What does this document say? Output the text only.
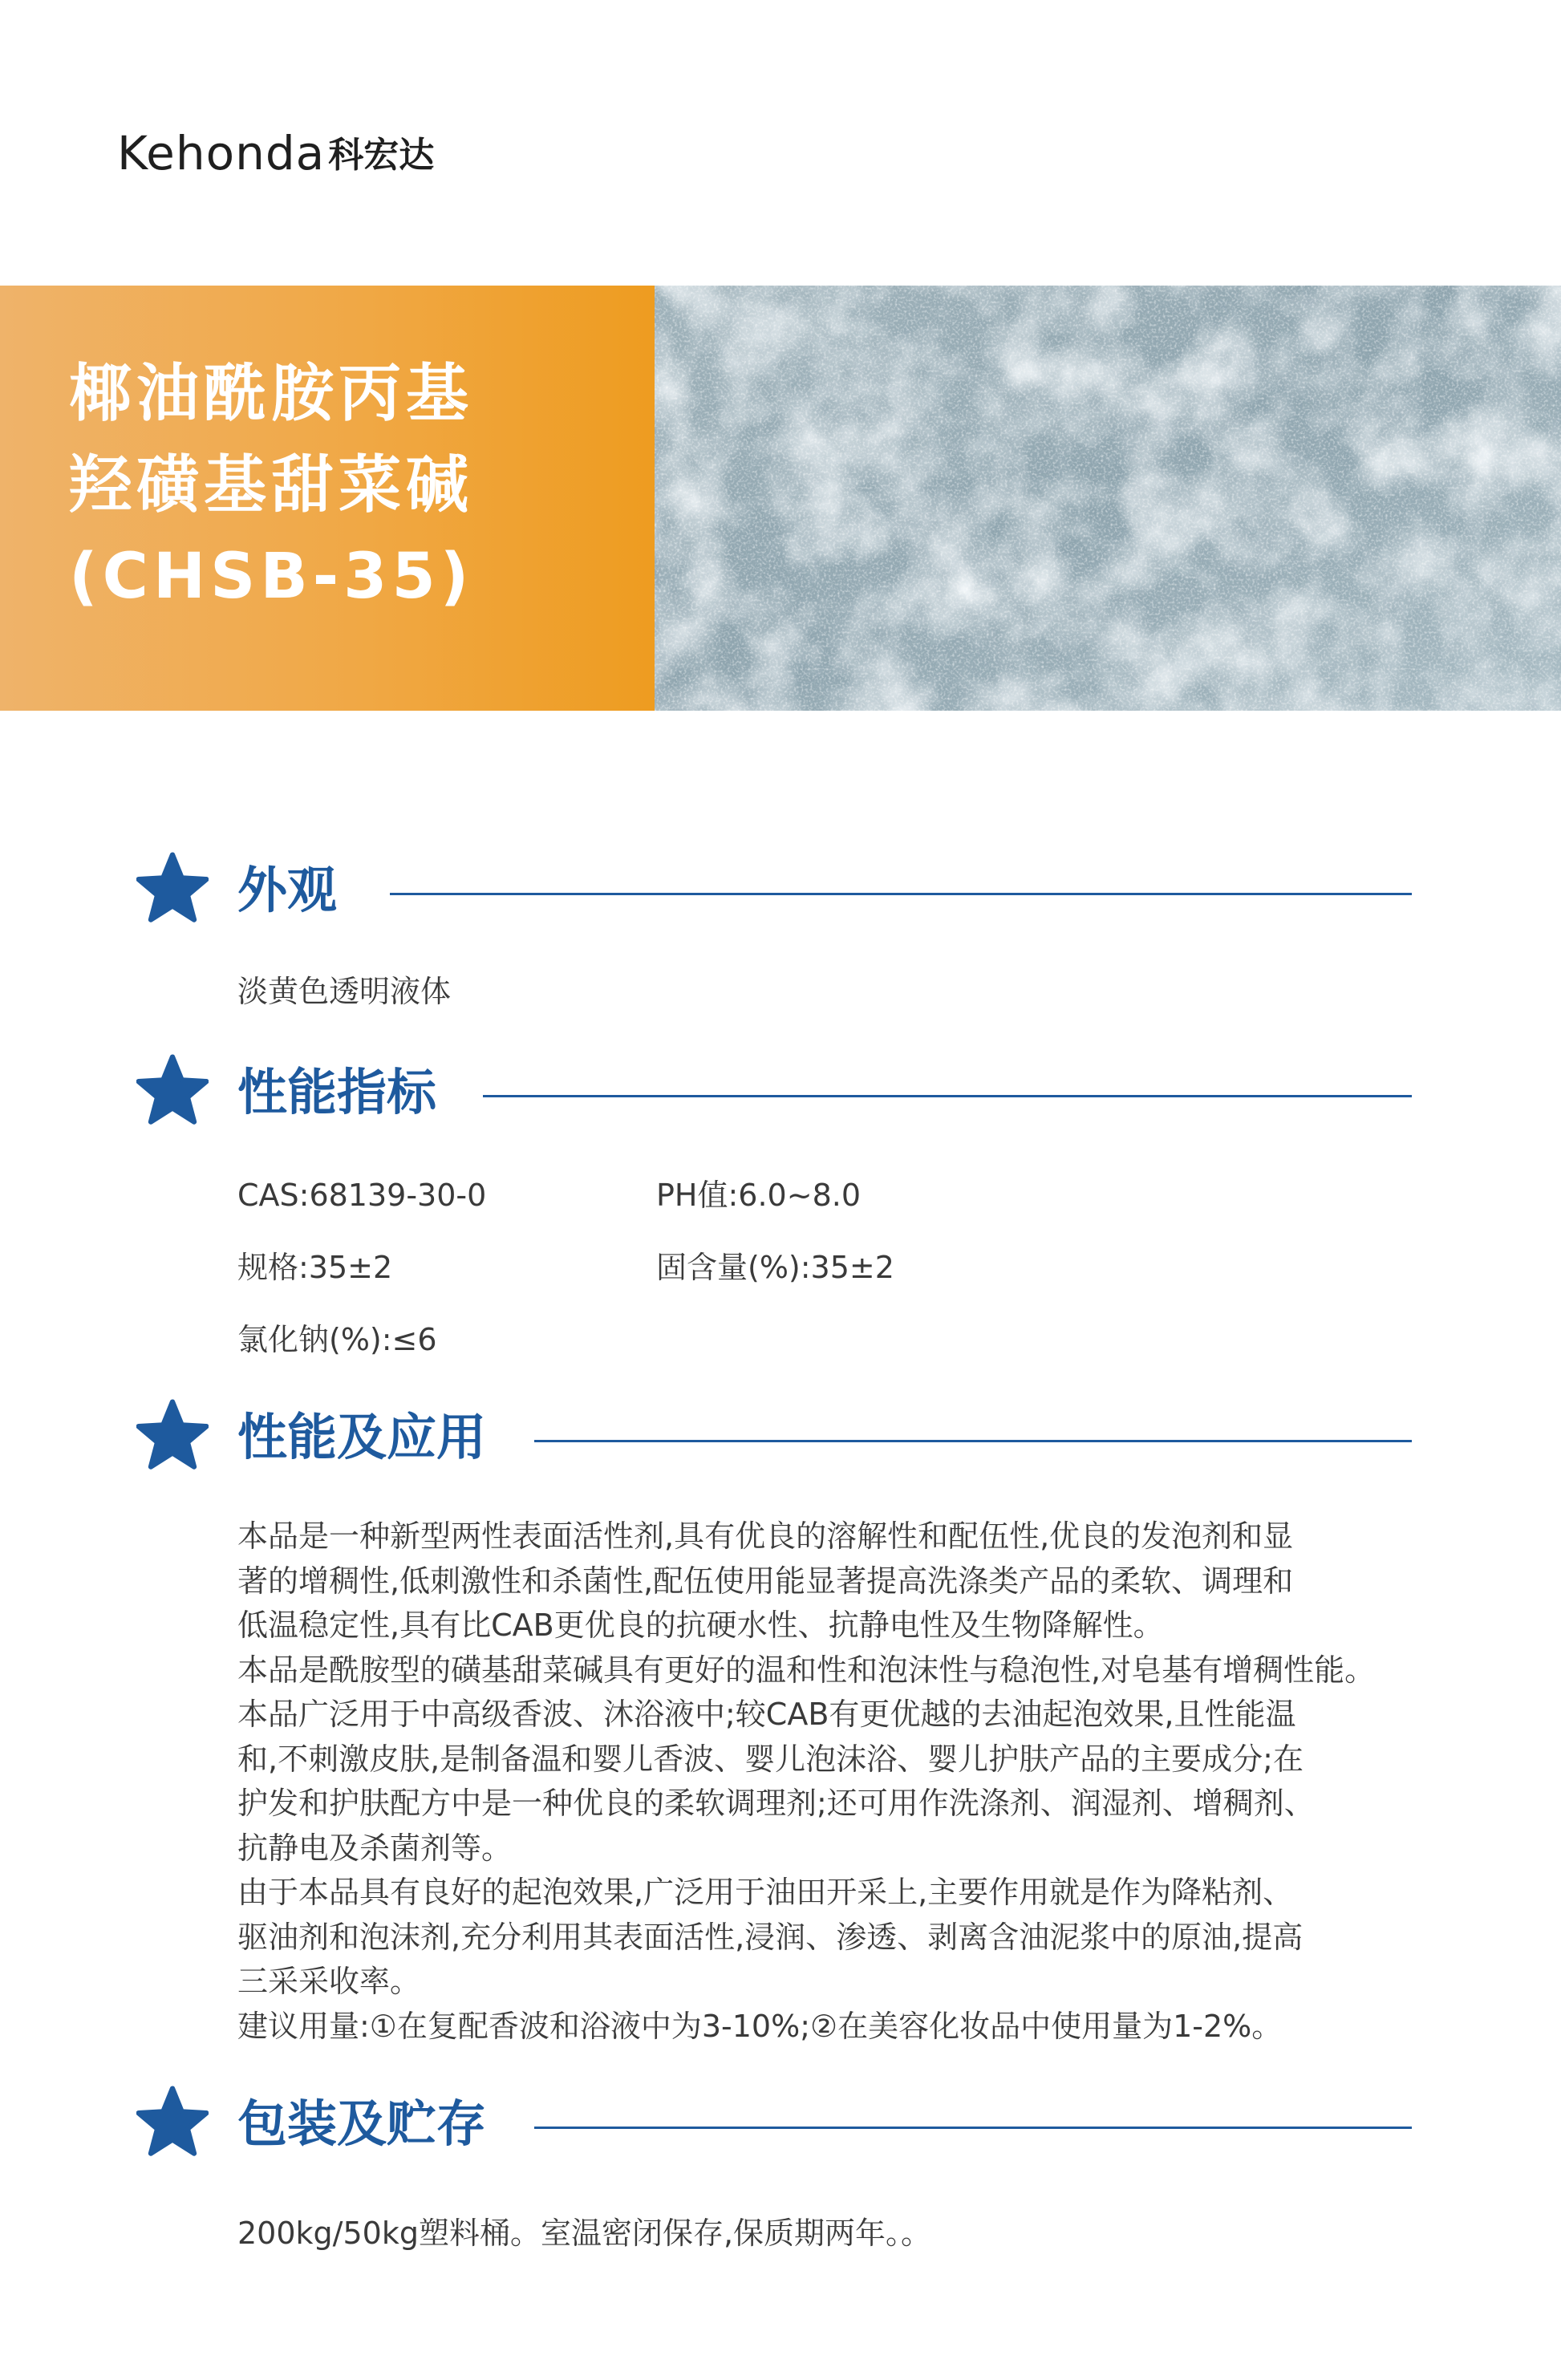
Kehonda 科宏达
椰油酰胺丙基
羟磺基甜菜碱
(CHSB-35)
外观
淡黄色透明液体
性能指标
CAS:68139-30-0	PH值:6.0~8.0
规格:35±2	固含量(%):35±2
氯化钠(%):≤6
性能及应用
本品是一种新型两性表面活性剂,具有优良的溶解性和配伍性,优良的发泡剂和显
著的增稠性,低刺激性和杀菌性,配伍使用能显著提高洗涤类产品的柔软、调理和
低温稳定性,具有比CAB更优良的抗硬水性、抗静电性及生物降解性。
本品是酰胺型的磺基甜菜碱具有更好的温和性和泡沫性与稳泡性,对皂基有增稠性能。
本品广泛用于中高级香波、沐浴液中;较CAB有更优越的去油起泡效果,且性能温
和,不刺激皮肤,是制备温和婴儿香波、婴儿泡沫浴、婴儿护肤产品的主要成分;在
护发和护肤配方中是一种优良的柔软调理剂;还可用作洗涤剂、润湿剂、增稠剂、
抗静电及杀菌剂等。
由于本品具有良好的起泡效果,广泛用于油田开采上,主要作用就是作为降粘剂、
驱油剂和泡沫剂,充分利用其表面活性,浸润、渗透、剥离含油泥浆中的原油,提高
三采采收率。
建议用量:①在复配香波和浴液中为3-10%;②在美容化妆品中使用量为1-2%。
包装及贮存
200kg/50kg塑料桶。室温密闭保存,保质期两年。。
